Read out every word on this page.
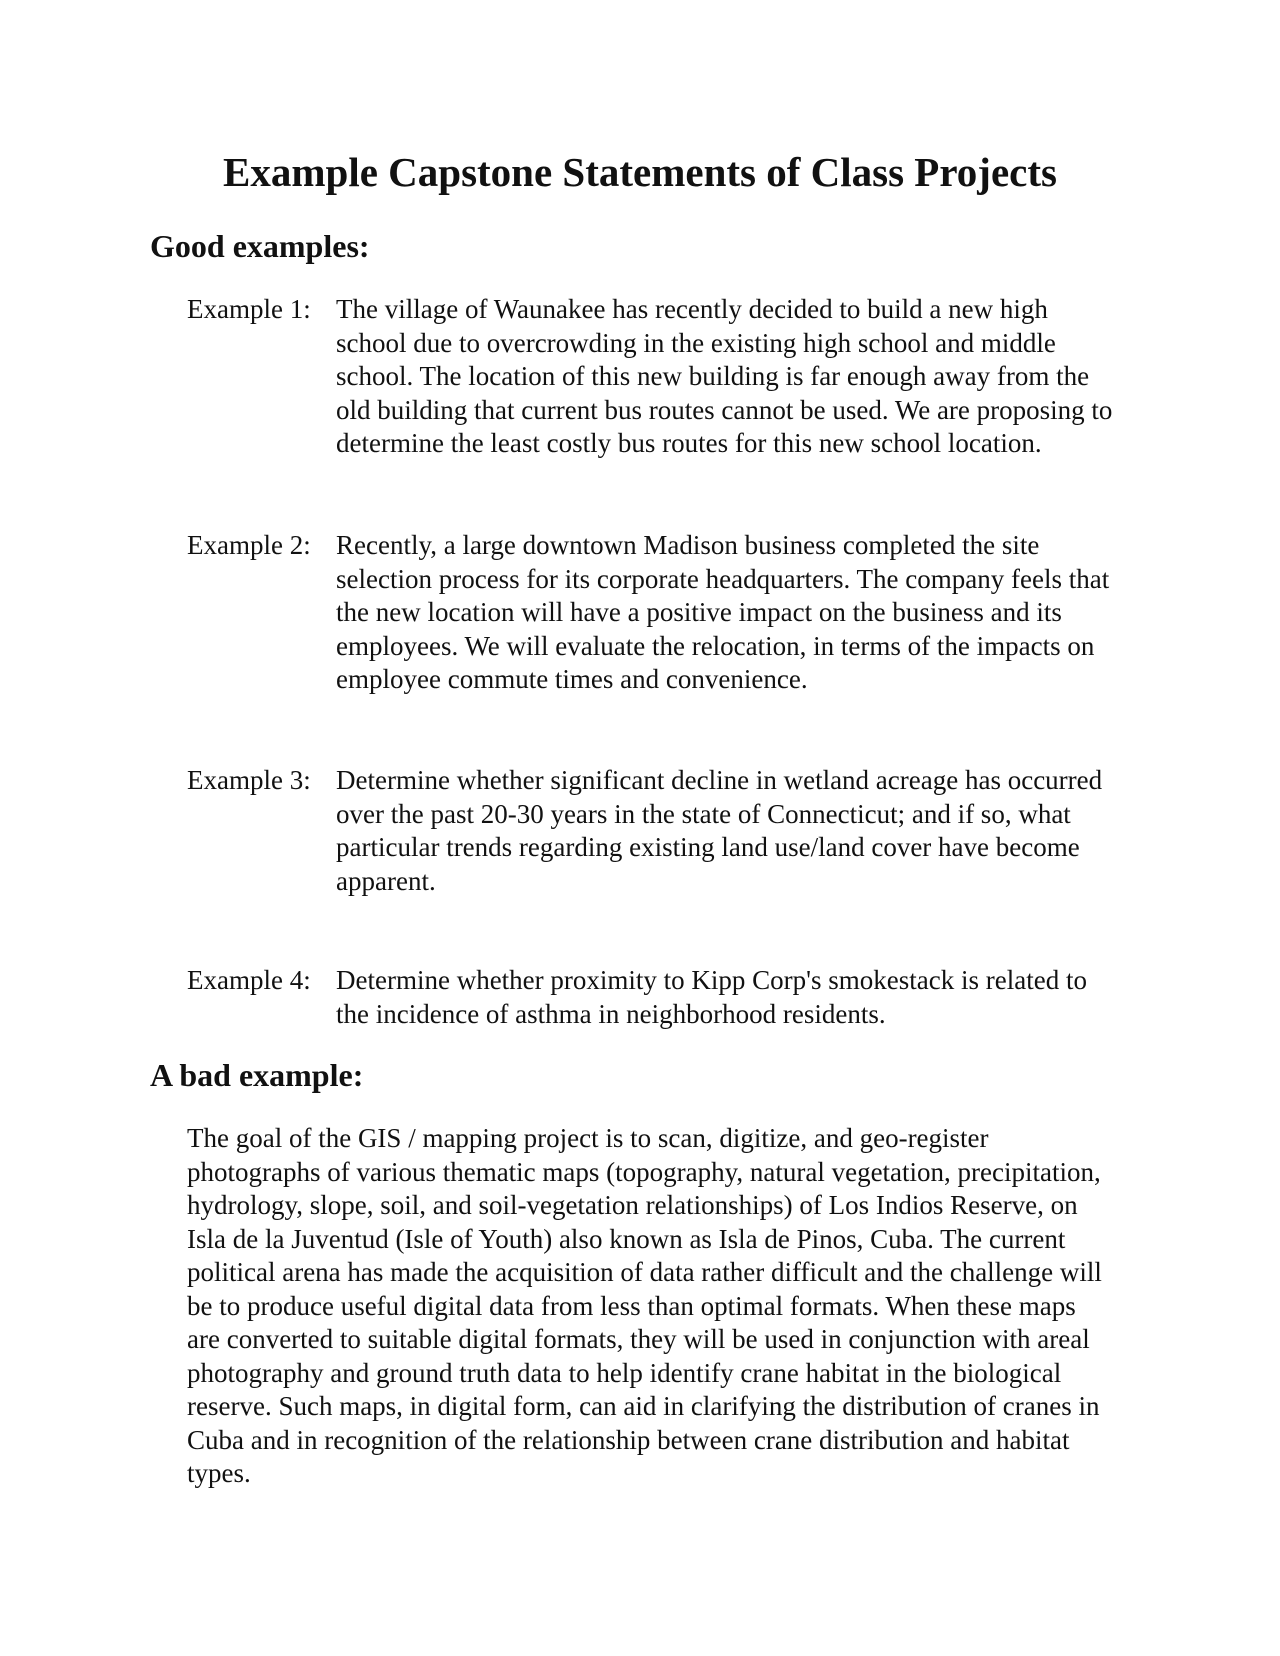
Example Capstone Statements of Class Projects
Good examples:
Example 1: The village of Waunakee has recently decided to build a new high school due to overcrowding in the existing high school and middle school. The location of this new building is far enough away from the old building that current bus routes cannot be used. We are proposing to determine the least costly bus routes for this new school location.
Example 2: Recently, a large downtown Madison business completed the site selection process for its corporate headquarters. The company feels that the new location will have a positive impact on the business and its employees. We will evaluate the relocation, in terms of the impacts on employee commute times and convenience.
Example 3: Determine whether significant decline in wetland acreage has occurred over the past 20-30 years in the state of Connecticut; and if so, what particular trends regarding existing land use/land cover have become apparent.
Example 4: Determine whether proximity to Kipp Corp's smokestack is related to the incidence of asthma in neighborhood residents.
A bad example:
The goal of the GIS / mapping project is to scan, digitize, and geo-register photographs of various thematic maps (topography, natural vegetation, precipitation, hydrology, slope, soil, and soil-vegetation relationships) of Los Indios Reserve, on Isla de la Juventud (Isle of Youth) also known as Isla de Pinos, Cuba. The current political arena has made the acquisition of data rather difficult and the challenge will be to produce useful digital data from less than optimal formats. When these maps are converted to suitable digital formats, they will be used in conjunction with areal photography and ground truth data to help identify crane habitat in the biological reserve. Such maps, in digital form, can aid in clarifying the distribution of cranes in Cuba and in recognition of the relationship between crane distribution and habitat types.
